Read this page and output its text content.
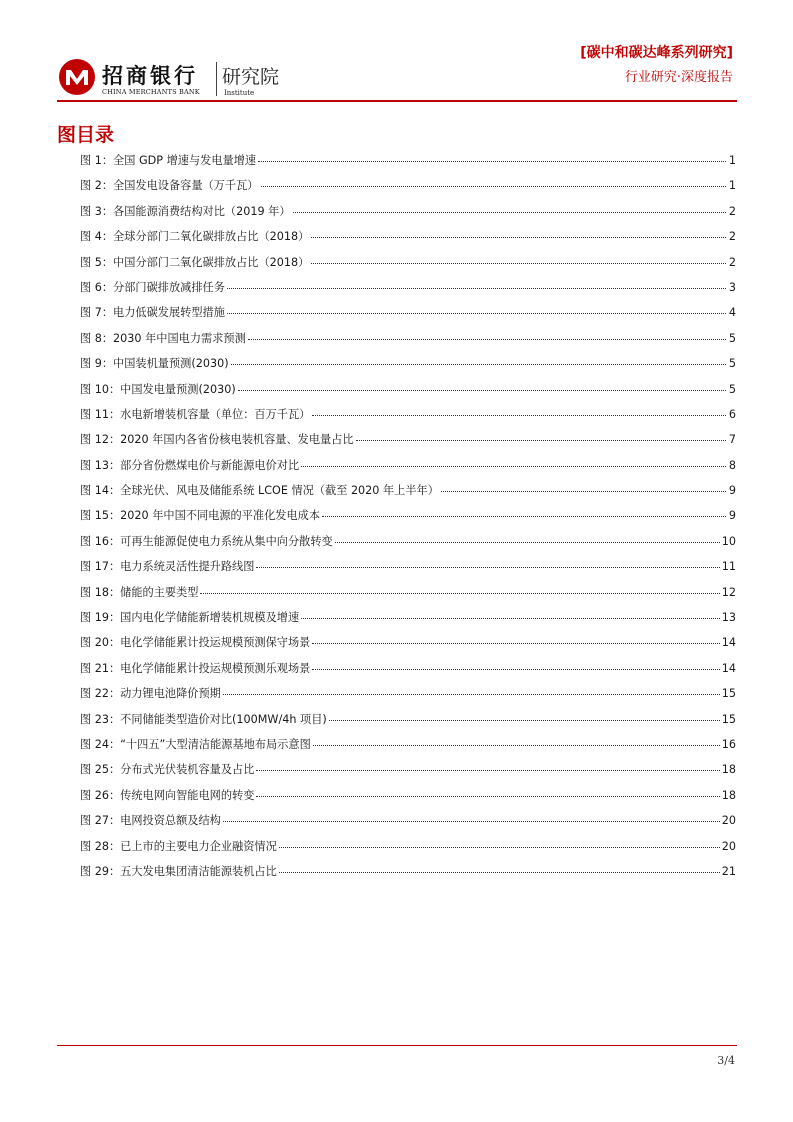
招商银行
CHINA MERCHANTS BANK
研究院
Institute
[碳中和碳达峰系列研究]
行业研究·深度报告
图目录
图 1：全国 GDP 增速与发电量增速	1
图 2：全国发电设备容量（万千瓦）	1
图 3：各国能源消费结构对比（2019 年）	2
图 4：全球分部门二氧化碳排放占比（2018）	2
图 5：中国分部门二氧化碳排放占比（2018）	2
图 6：分部门碳排放减排任务	3
图 7：电力低碳发展转型措施	4
图 8：2030 年中国电力需求预测	5
图 9：中国装机量预测(2030)	5
图 10：中国发电量预测(2030)	5
图 11：水电新增装机容量（单位：百万千瓦）	6
图 12：2020 年国内各省份核电装机容量、发电量占比	7
图 13：部分省份燃煤电价与新能源电价对比	8
图 14：全球光伏、风电及储能系统 LCOE 情况（截至 2020 年上半年）	9
图 15：2020 年中国不同电源的平准化发电成本	9
图 16：可再生能源促使电力系统从集中向分散转变	10
图 17：电力系统灵活性提升路线图	11
图 18：储能的主要类型	12
图 19：国内电化学储能新增装机规模及增速	13
图 20：电化学储能累计投运规模预测保守场景	14
图 21：电化学储能累计投运规模预测乐观场景	14
图 22：动力锂电池降价预期	15
图 23：不同储能类型造价对比(100MW/4h 项目)	15
图 24：“十四五”大型清洁能源基地布局示意图	16
图 25：分布式光伏装机容量及占比	18
图 26：传统电网向智能电网的转变	18
图 27：电网投资总额及结构	20
图 28：已上市的主要电力企业融资情况	20
图 29：五大发电集团清洁能源装机占比	21
3/4
